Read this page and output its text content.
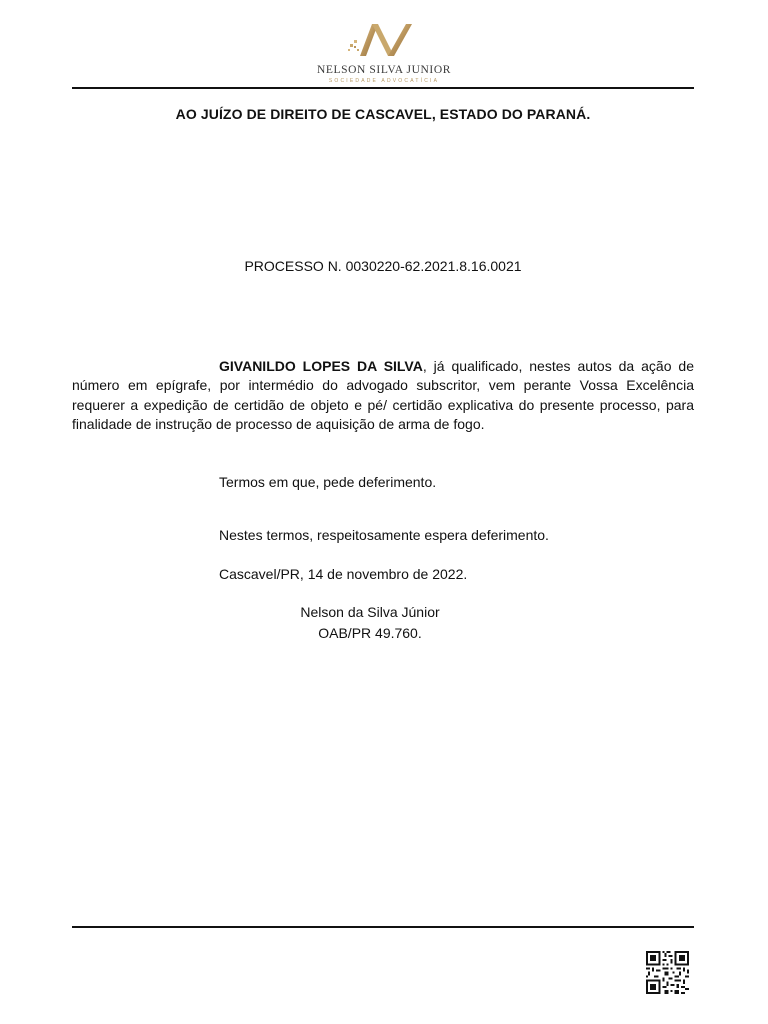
NELSON SILVA JUNIOR
SOCIEDADE ADVOCATÍCIA
AO JUÍZO DE DIREITO DE CASCAVEL, ESTADO DO PARANÁ.
PROCESSO N. 0030220-62.2021.8.16.0021

GIVANILDO LOPES DA SILVA, já qualificado, nestes autos da ação de número em epígrafe, por intermédio do advogado subscritor, vem perante Vossa Excelência requerer a expedição de certidão de objeto e pé/ certidão explicativa do presente processo, para finalidade de instrução de processo de aquisição de arma de fogo.

Termos em que, pede deferimento.
Nestes termos, respeitosamente espera deferimento.
Cascavel/PR, 14 de novembro de 2022.
Nelson da Silva Júnior
OAB/PR 49.760.
